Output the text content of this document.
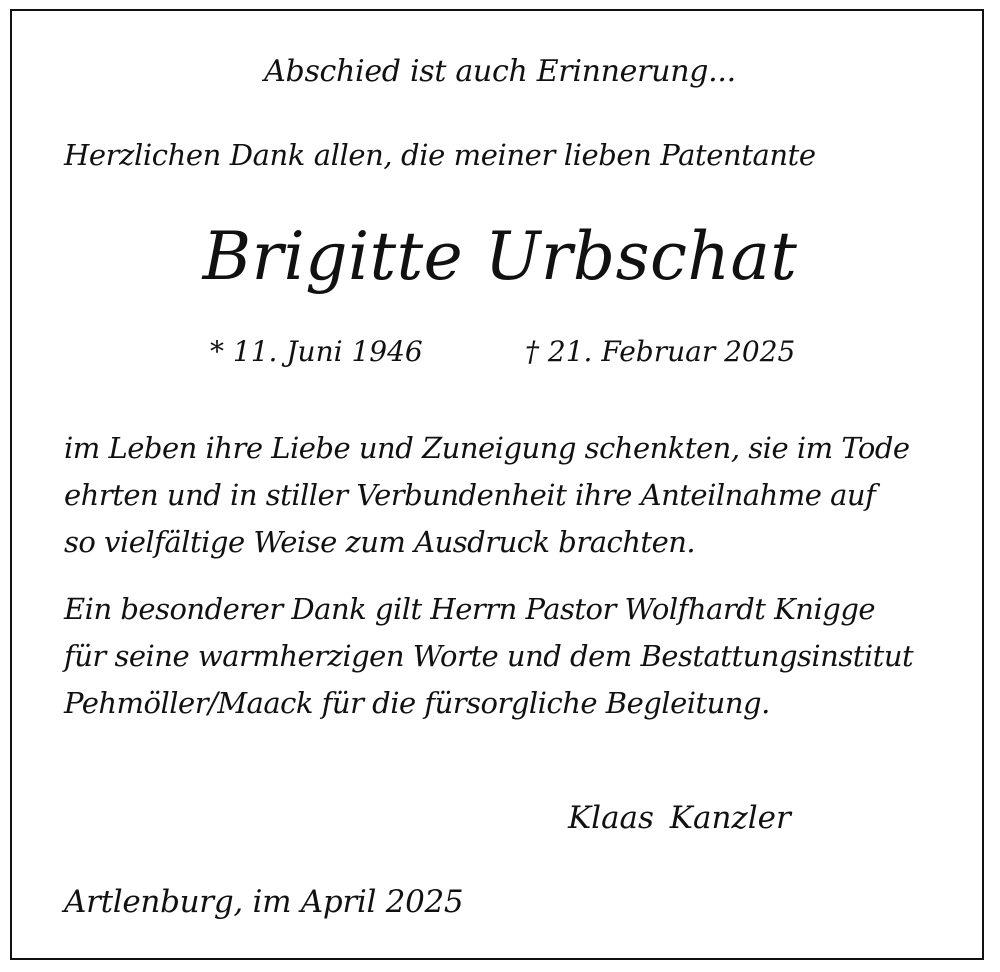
Abschied ist auch Erinnerung...

Herzlichen Dank allen, die meiner lieben Patentante

Brigitte Urbschat
* 11. Juni 1946	† 21. Februar 2025
im Leben ihre Liebe und Zuneigung schenkten, sie im Tode
ehrten und in stiller Verbundenheit ihre Anteilnahme auf
so vielfältige Weise zum Ausdruck brachten.
Ein besonderer Dank gilt Herrn Pastor Wolfhardt Knigge
für seine warmherzigen Worte und dem Bestattungsinstitut
Pehmöller/Maack für die fürsorgliche Begleitung.

Klaas Kanzler

Artlenburg, im April 2025
